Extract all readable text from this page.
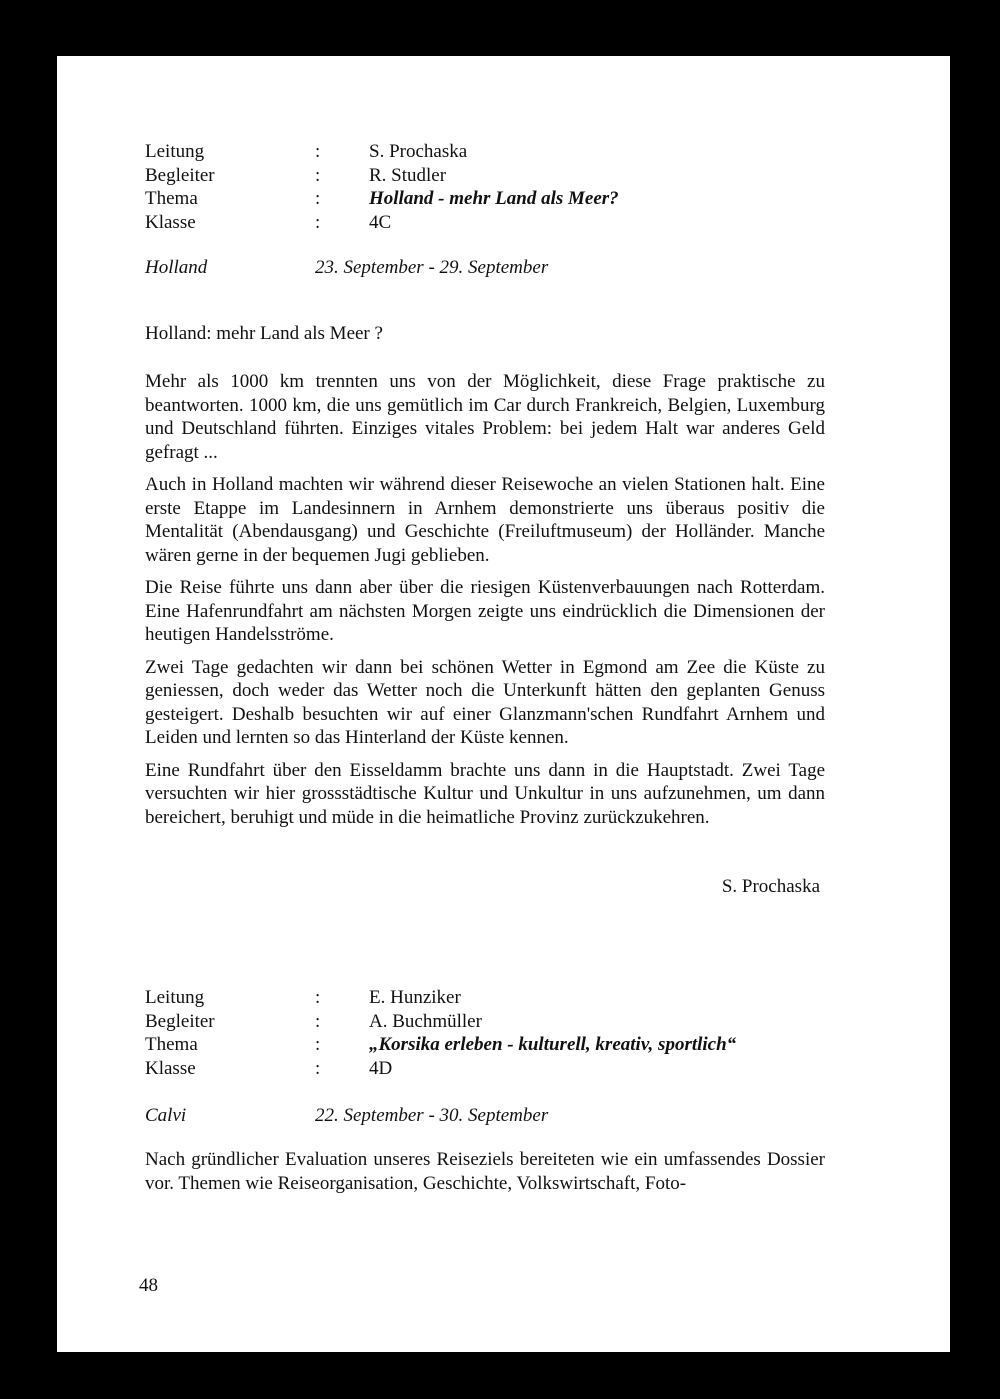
Leitung	:	S. Prochaska
Begleiter	:	R. Studler
Thema	:	Holland - mehr Land als Meer?
Klasse	:	4C
Holland	23. September - 29. September
Holland: mehr Land als Meer ?

Mehr als 1000 km trennten uns von der Möglichkeit, diese Frage praktische zu beantworten. 1000 km, die uns gemütlich im Car durch Frankreich, Belgien, Luxemburg und Deutschland führten. Einziges vitales Problem: bei jedem Halt war anderes Geld gefragt ...

Auch in Holland machten wir während dieser Reisewoche an vielen Stationen halt. Eine erste Etappe im Landesinnern in Arnhem demonstrierte uns überaus positiv die Mentalität (Abendausgang) und Geschichte (Freiluftmuseum) der Holländer. Manche wären gerne in der bequemen Jugi geblieben.

Die Reise führte uns dann aber über die riesigen Küstenverbauungen nach Rotterdam. Eine Hafenrundfahrt am nächsten Morgen zeigte uns eindrücklich die Dimensionen der heutigen Handelsströme.

Zwei Tage gedachten wir dann bei schönen Wetter in Egmond am Zee die Küste zu geniessen, doch weder das Wetter noch die Unterkunft hätten den geplanten Genuss gesteigert. Deshalb besuchten wir auf einer Glanzmann'schen Rundfahrt Arnhem und Leiden und lernten so das Hinterland der Küste kennen.

Eine Rundfahrt über den Eisseldamm brachte uns dann in die Hauptstadt. Zwei Tage versuchten wir hier grossstädtische Kultur und Unkultur in uns aufzunehmen, um dann bereichert, beruhigt und müde in die heimatliche Provinz zurückzukehren.

S. Prochaska
Leitung	:	E. Hunziker
Begleiter	:	A. Buchmüller
Thema	:	„Korsika erleben - kulturell, kreativ, sportlich“
Klasse	:	4D
Calvi	22. September - 30. September

Nach gründlicher Evaluation unseres Reiseziels bereiteten wie ein umfassendes Dossier vor. Themen wie Reiseorganisation, Geschichte, Volkswirtschaft, Foto-

48
